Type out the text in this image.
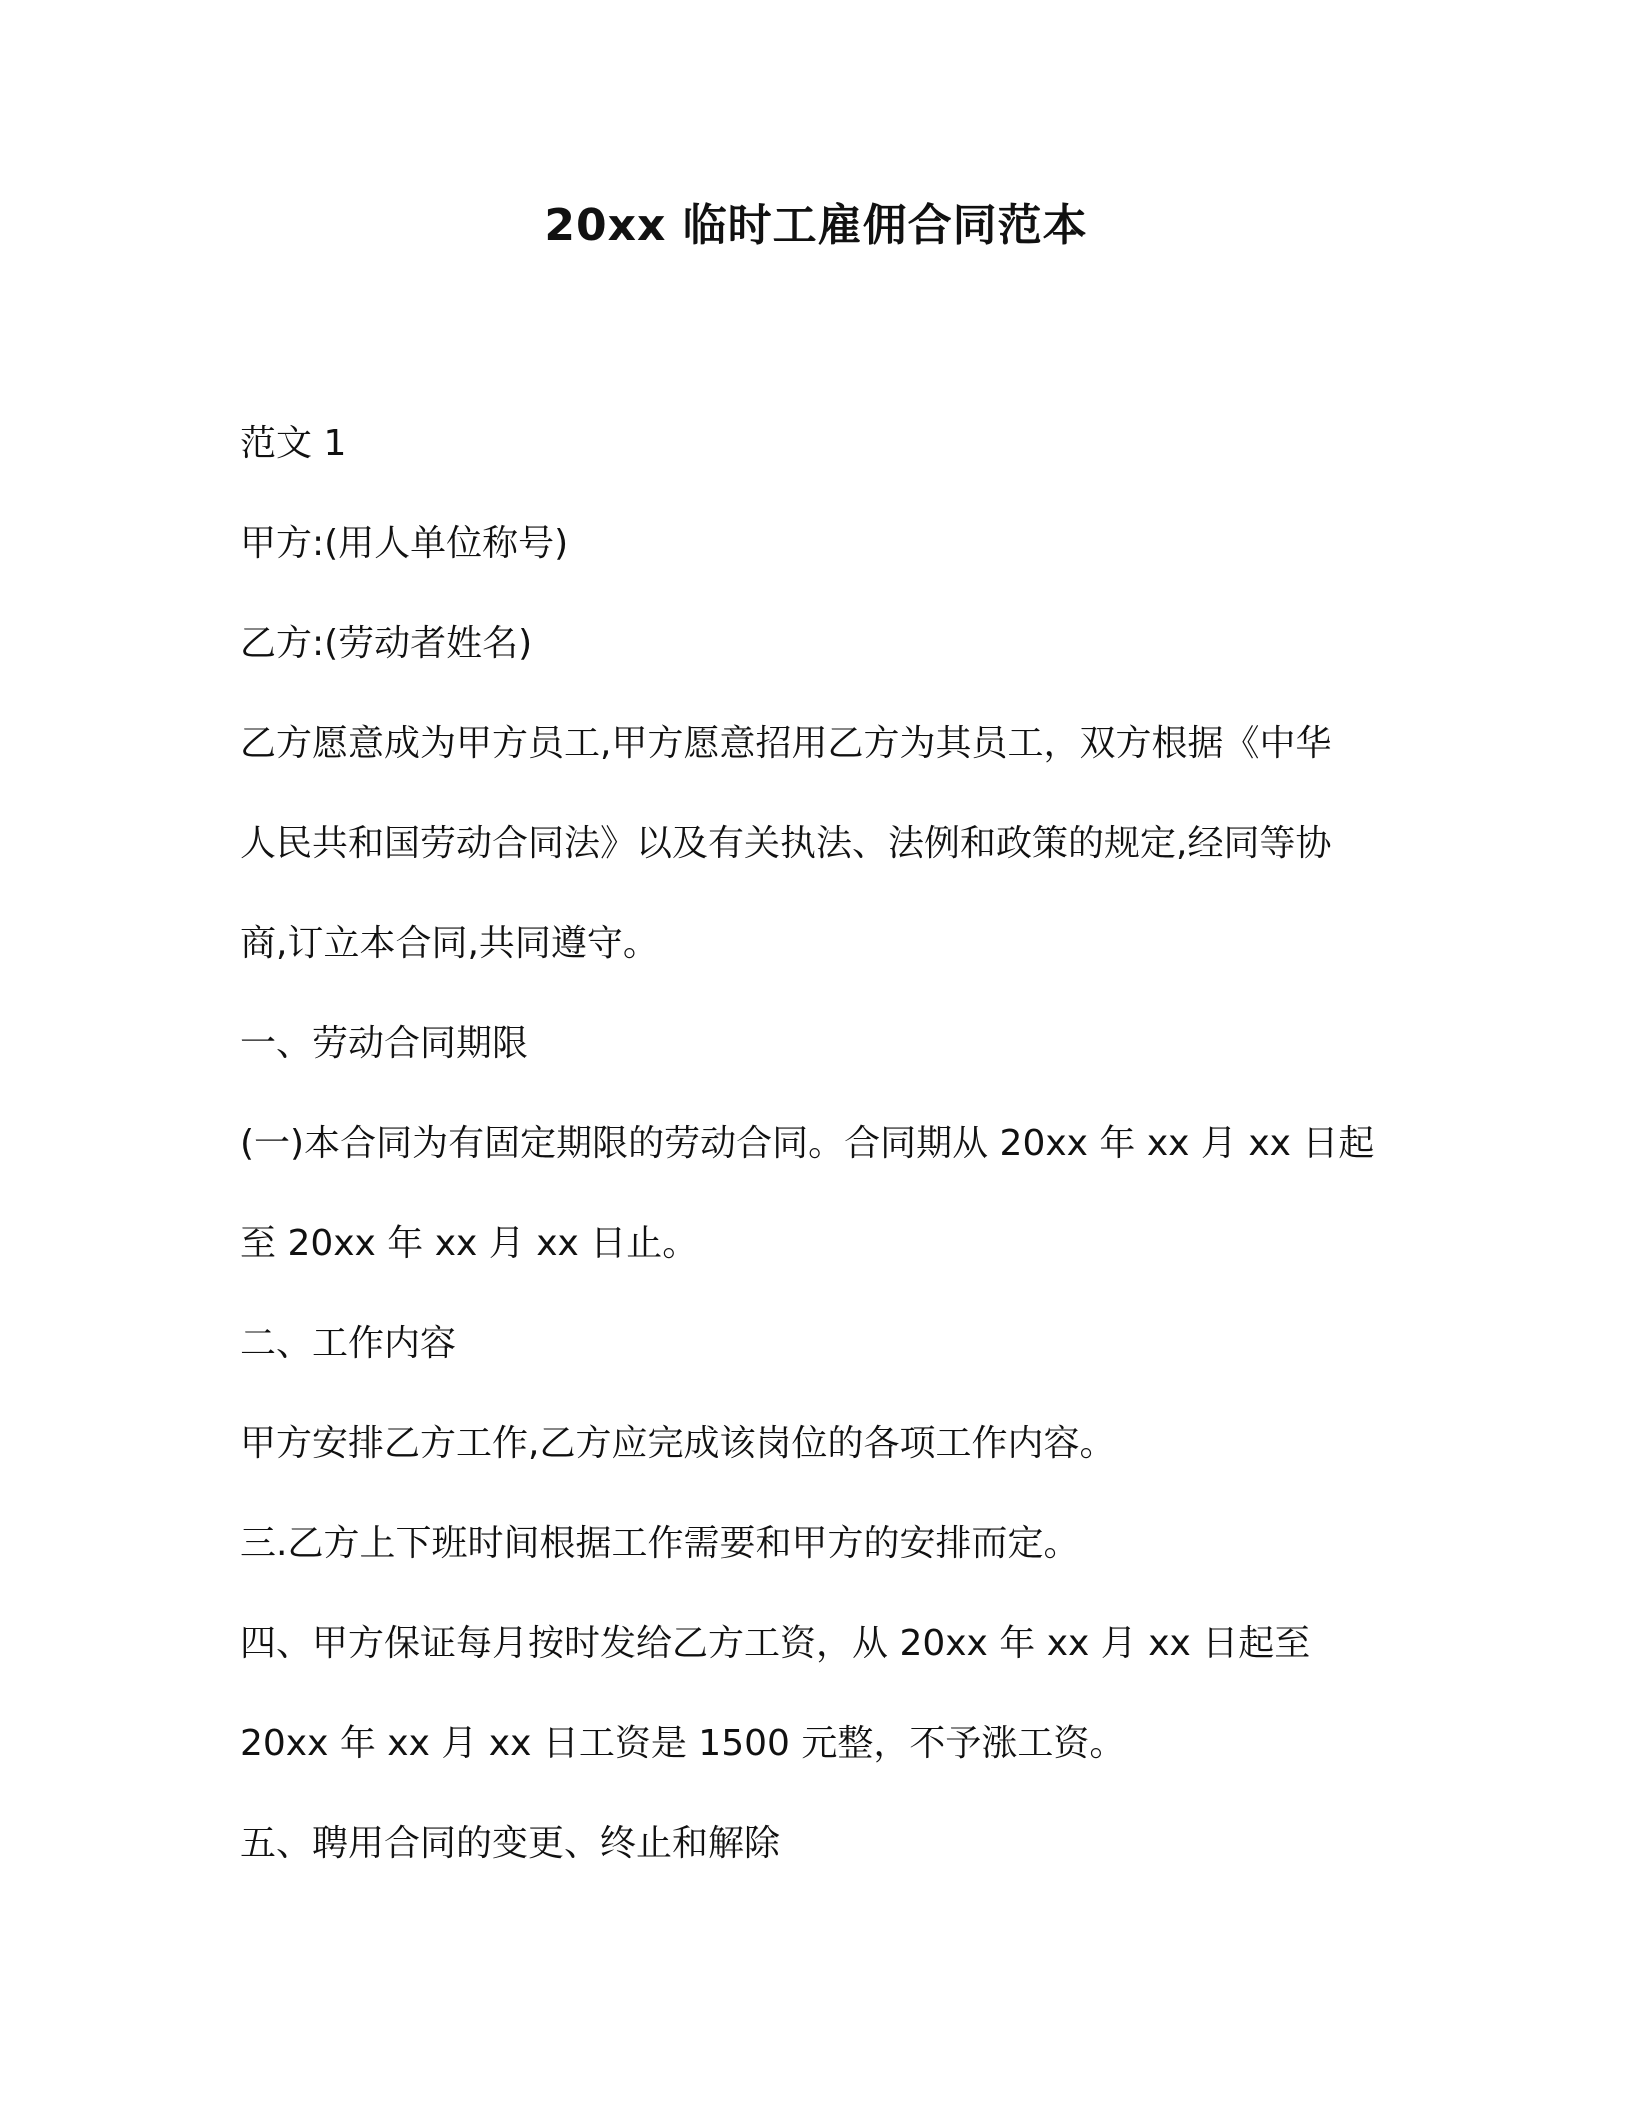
20xx 临时工雇佣合同范本
范文 1
甲方:(用人单位称号)
乙方:(劳动者姓名)
乙方愿意成为甲方员工,甲方愿意招用乙方为其员工，双方根据《中华
人民共和国劳动合同法》以及有关执法、法例和政策的规定,经同等协
商,订立本合同,共同遵守。
一、劳动合同期限
(一)本合同为有固定期限的劳动合同。合同期从 20xx 年 xx 月 xx 日起
至 20xx 年 xx 月 xx 日止。
二、工作内容
甲方安排乙方工作,乙方应完成该岗位的各项工作内容。
三.乙方上下班时间根据工作需要和甲方的安排而定。
四、甲方保证每月按时发给乙方工资，从 20xx 年 xx 月 xx 日起至
20xx 年 xx 月 xx 日工资是 1500 元整，不予涨工资。
五、聘用合同的变更、终止和解除
